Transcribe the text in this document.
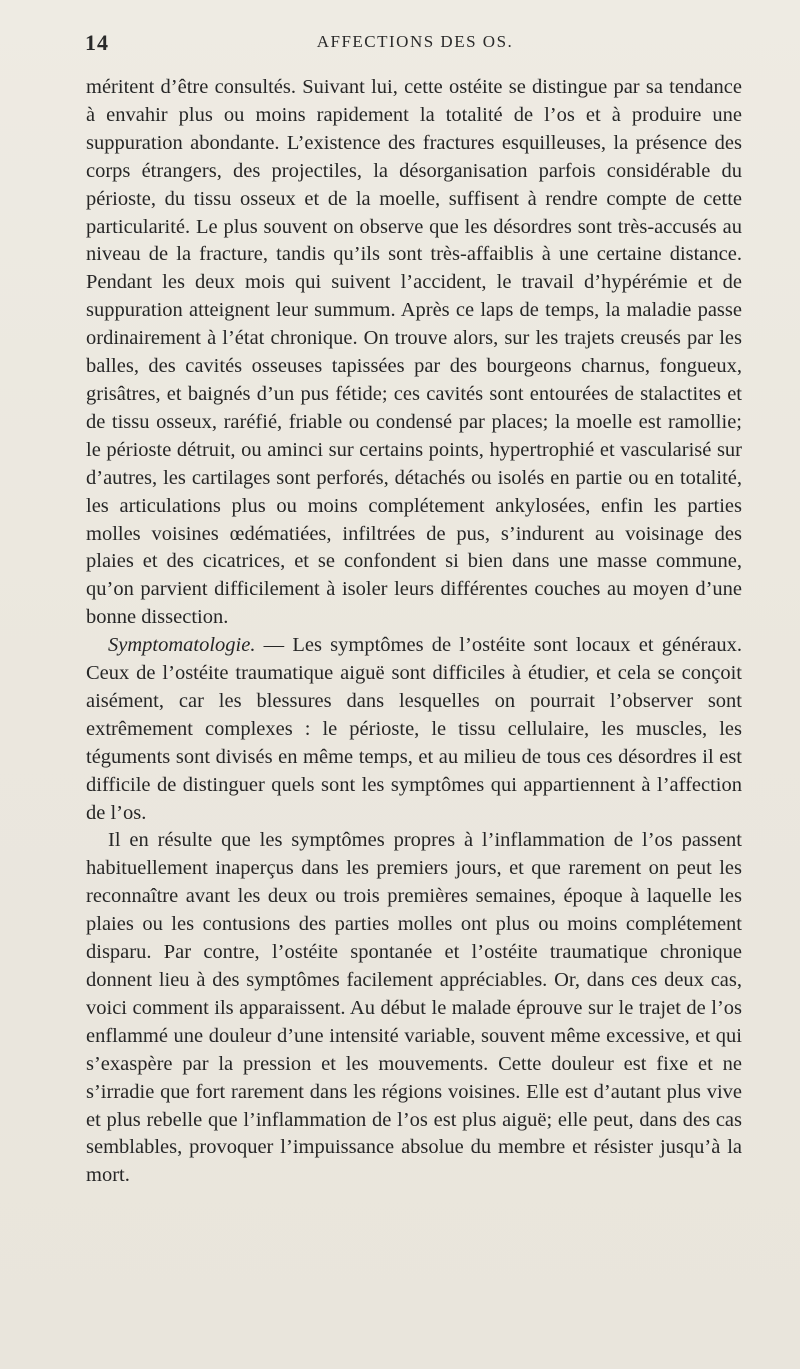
14	AFFECTIONS DES OS.

méritent d’être consultés. Suivant lui, cette ostéite se distingue par sa tendance à envahir plus ou moins rapidement la totalité de l’os et à produire une suppuration abondante. L’existence des fractures esquilleuses, la présence des corps étrangers, des projectiles, la désorganisation parfois considérable du périoste, du tissu osseux et de la moelle, suffisent à rendre compte de cette particularité. Le plus souvent on observe que les désordres sont très-accusés au niveau de la fracture, tandis qu’ils sont très-affaiblis à une certaine distance. Pendant les deux mois qui suivent l’accident, le travail d’hypérémie et de suppuration atteignent leur summum. Après ce laps de temps, la maladie passe ordinairement à l’état chronique. On trouve alors, sur les trajets creusés par les balles, des cavités osseuses tapissées par des bourgeons charnus, fongueux, grisâtres, et baignés d’un pus fétide; ces cavités sont entourées de stalactites et de tissu osseux, raréfié, friable ou condensé par places; la moelle est ramollie; le périoste détruit, ou aminci sur certains points, hypertrophié et vascularisé sur d’autres, les cartilages sont perforés, détachés ou isolés en partie ou en totalité, les articulations plus ou moins complétement ankylosées, enfin les parties molles voisines œdématiées, infiltrées de pus, s’indurent au voisinage des plaies et des cicatrices, et se confondent si bien dans une masse commune, qu’on parvient difficilement à isoler leurs différentes couches au moyen d’une bonne dissection.

Symptomatologie. — Les symptômes de l’ostéite sont locaux et généraux. Ceux de l’ostéite traumatique aiguë sont difficiles à étudier, et cela se conçoit aisément, car les blessures dans lesquelles on pourrait l’observer sont extrêmement complexes : le périoste, le tissu cellulaire, les muscles, les téguments sont divisés en même temps, et au milieu de tous ces désordres il est difficile de distinguer quels sont les symptômes qui appartiennent à l’affection de l’os.

Il en résulte que les symptômes propres à l’inflammation de l’os passent habituellement inaperçus dans les premiers jours, et que rarement on peut les reconnaître avant les deux ou trois premières semaines, époque à laquelle les plaies ou les contusions des parties molles ont plus ou moins complétement disparu. Par contre, l’ostéite spontanée et l’ostéite traumatique chronique donnent lieu à des symptômes facilement appréciables. Or, dans ces deux cas, voici comment ils apparaissent. Au début le malade éprouve sur le trajet de l’os enflammé une douleur d’une intensité variable, souvent même excessive, et qui s’exaspère par la pression et les mouvements. Cette douleur est fixe et ne s’irradie que fort rarement dans les régions voisines. Elle est d’autant plus vive et plus rebelle que l’inflammation de l’os est plus aiguë; elle peut, dans des cas semblables, provoquer l’impuissance absolue du membre et résister jusqu’à la mort.
